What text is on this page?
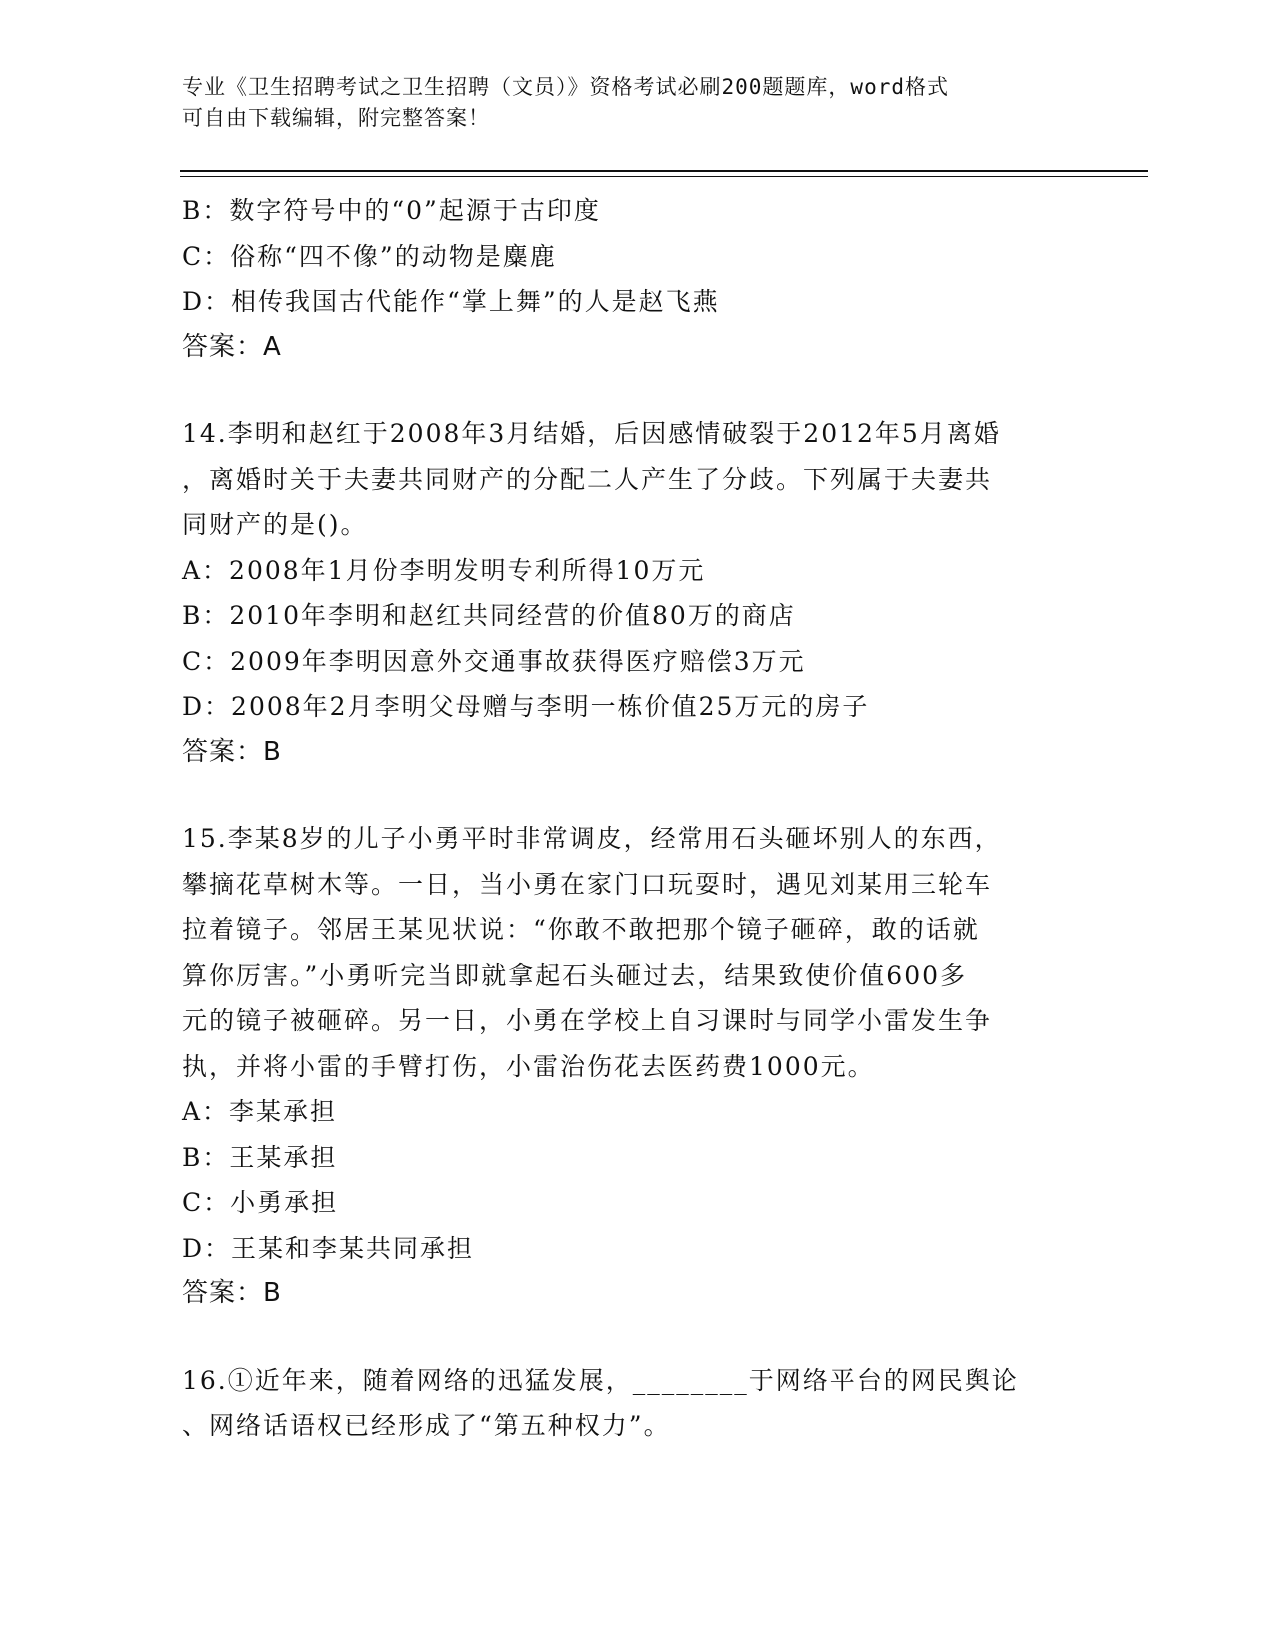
专业《卫生招聘考试之卫生招聘（文员）》资格考试必刷200题题库，word格式
可自由下载编辑，附完整答案！
B：数字符号中的“0”起源于古印度
C：俗称“四不像”的动物是麋鹿
D：相传我国古代能作“掌上舞”的人是赵飞燕
答案：A
14.李明和赵红于2008年3月结婚，后因感情破裂于2012年5月离婚
，离婚时关于夫妻共同财产的分配二人产生了分歧。下列属于夫妻共
同财产的是()。
A：2008年1月份李明发明专利所得10万元
B：2010年李明和赵红共同经营的价值80万的商店
C：2009年李明因意外交通事故获得医疗赔偿3万元
D：2008年2月李明父母赠与李明一栋价值25万元的房子
答案：B
15.李某8岁的儿子小勇平时非常调皮，经常用石头砸坏别人的东西，
攀摘花草树木等。一日，当小勇在家门口玩耍时，遇见刘某用三轮车
拉着镜子。邻居王某见状说：“你敢不敢把那个镜子砸碎，敢的话就
算你厉害。”小勇听完当即就拿起石头砸过去，结果致使价值600多
元的镜子被砸碎。另一日，小勇在学校上自习课时与同学小雷发生争
执，并将小雷的手臂打伤，小雷治伤花去医药费1000元。
A：李某承担
B：王某承担
C：小勇承担
D：王某和李某共同承担
答案：B
16.①近年来，随着网络的迅猛发展，________于网络平台的网民舆论
、网络话语权已经形成了“第五种权力”。
